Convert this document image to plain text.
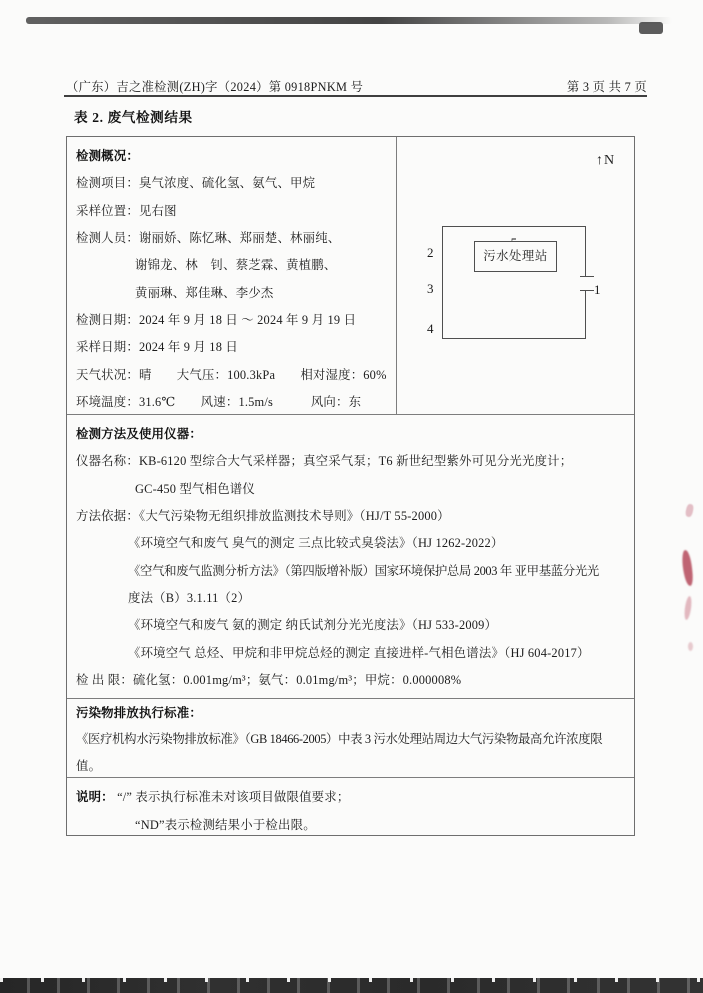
（广东）吉之准检测(ZH)字（2024）第 0918PNKM 号	第 3 页 共 7 页
表 2. 废气检测结果
检测概况：
检测项目：臭气浓度、硫化氢、氨气、甲烷
采样位置：见右图
检测人员：谢丽娇、陈忆琳、郑丽楚、林丽纯、
谢锦龙、林　钊、蔡芝霖、黄植鹏、
黄丽琳、郑佳琳、李少杰
检测日期：2024 年 9 月 18 日 ～ 2024 年 9 月 19 日
采样日期：2024 年 9 月 18 日
天气状况：晴　　大气压：100.3kPa　　相对湿度：60%
环境温度：31.6℃　　风速：1.5m/s　　　风向：东
↑N
污水处理站
2
3
4
1
检测方法及使用仪器：
仪器名称：KB-6120 型综合大气采样器；真空采气泵；T6 新世纪型紫外可见分光光度计；
GC-450 型气相色谱仪
方法依据：《大气污染物无组织排放监测技术导则》（HJ/T 55-2000）
《环境空气和废气 臭气的测定 三点比较式臭袋法》（HJ 1262-2022）
《空气和废气监测分析方法》（第四版增补版）国家环境保护总局 2003 年 亚甲基蓝分光光
度法（B）3.1.11（2）
《环境空气和废气 氨的测定 纳氏试剂分光光度法》（HJ 533-2009）
《环境空气 总烃、甲烷和非甲烷总烃的测定 直接进样-气相色谱法》（HJ 604-2017）
检 出 限：硫化氢：0.001mg/m³；氨气：0.01mg/m³；甲烷：0.000008%
污染物排放执行标准：
《医疗机构水污染物排放标准》（GB 18466-2005）中表 3 污水处理站周边大气污染物最高允许浓度限
值。
说明： “/” 表示执行标准未对该项目做限值要求；
“ND”表示检测结果小于检出限。
